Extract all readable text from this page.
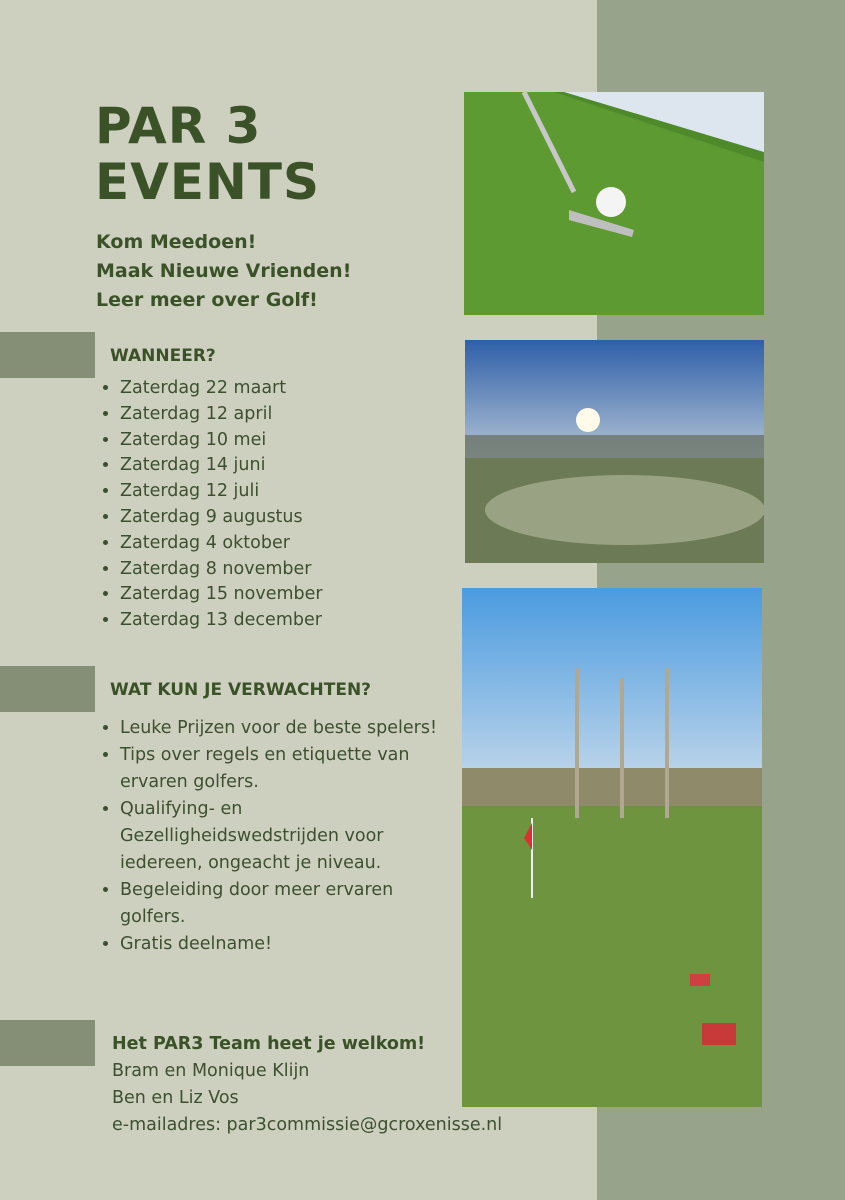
PAR 3
EVENTS

Kom Meedoen!
Maak Nieuwe Vrienden!
Leer meer over Golf!

WANNEER?

• Zaterdag 22 maart
• Zaterdag 12 april
• Zaterdag 10 mei
• Zaterdag 14 juni
• Zaterdag 12 juli
• Zaterdag 9 augustus
• Zaterdag 4 oktober
• Zaterdag 8 november
• Zaterdag 15 november
• Zaterdag 13 december

WAT KUN JE VERWACHTEN?

• Leuke Prijzen voor de beste spelers!
• Tips over regels en etiquette van ervaren golfers.
• Qualifying- en Gezelligheidswedstrijden voor iedereen, ongeacht je niveau.
• Begeleiding door meer ervaren golfers.
• Gratis deelname!
Het PAR3 Team heet je welkom!
Bram en Monique Klijn
Ben en Liz Vos
e-mailadres: par3commissie@gcroxenisse.nl
